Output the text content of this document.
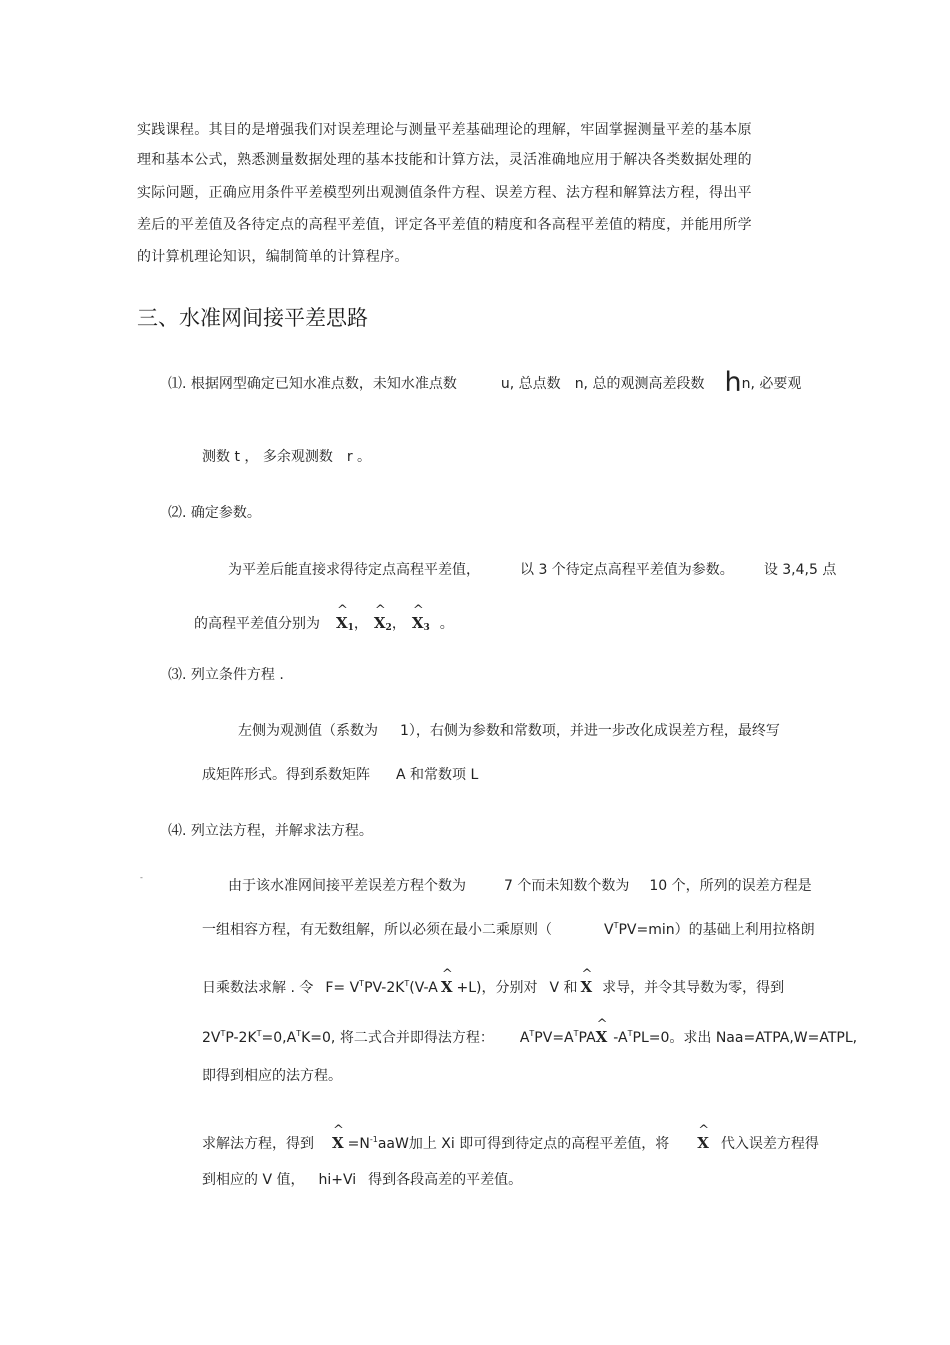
实践课程。其目的是增强我们对误差理论与测量平差基础理论的理解，牢固掌握测量平差的基本原
理和基本公式，熟悉测量数据处理的基本技能和计算方法，灵活准确地应用于解决各类数据处理的
实际问题，正确应用条件平差模型列出观测值条件方程、误差方程、法方程和解算法方程，得出平
差后的平差值及各待定点的高程平差值，评定各平差值的精度和各高程平差值的精度，并能用所学
的计算机理论知识，编制简单的计算程序。
三、水准网间接平差思路
⑴. 根据网型确定已知水准点数，未知水准点数	u, 总点数 n, 总的观测高差段数 hn, 必要观
测数 t ， 多余观测数 r 。
⑵. 确定参数。
为平差后能直接求得待定点高程平差值，	以 3 个待定点高程平差值为参数。 设 3,4,5 点
的高程平差值分别为^ $X_1$，^ $X_2$，^ $X_3$ 。
⑶. 列立条件方程 .
左侧为观测值（系数为 1），右侧为参数和常数项，并进一步改化成误差方程，最终写
成矩阵形式。得到系数矩阵 A 和常数项 L
⑷. 列立法方程，并解求法方程。
-
由于该水准网间接平差误差方程个数为	7 个而未知数个数为 10 个，所列的误差方程是
一组相容方程，有无数组解，所以必须在最小二乘原则（	$V^TPV=\min$）的基础上利用拉格朗
日乘数法求解 . 令 $F= V^TPV-2K^T(V-A\^{}$ X +L)，分别对 V 和^ X 求导，并令其导数为零，得到
$2V^TP-2K^T=0,A^TK=0$, 将二式合并即得法方程： $A^TPV=A^TPA\^{}$ X $-A^TPL=0$。求出 Naa=ATPA,W=ATPL,
即得到相应的法方程。
求解法方程，得到^ $X =N^{-1}aaW$加上 Xi 即可得到待定点的高程平差值，将^ X 代入误差方程得
到相应的 V 值， hi+Vi 得到各段高差的平差值。
